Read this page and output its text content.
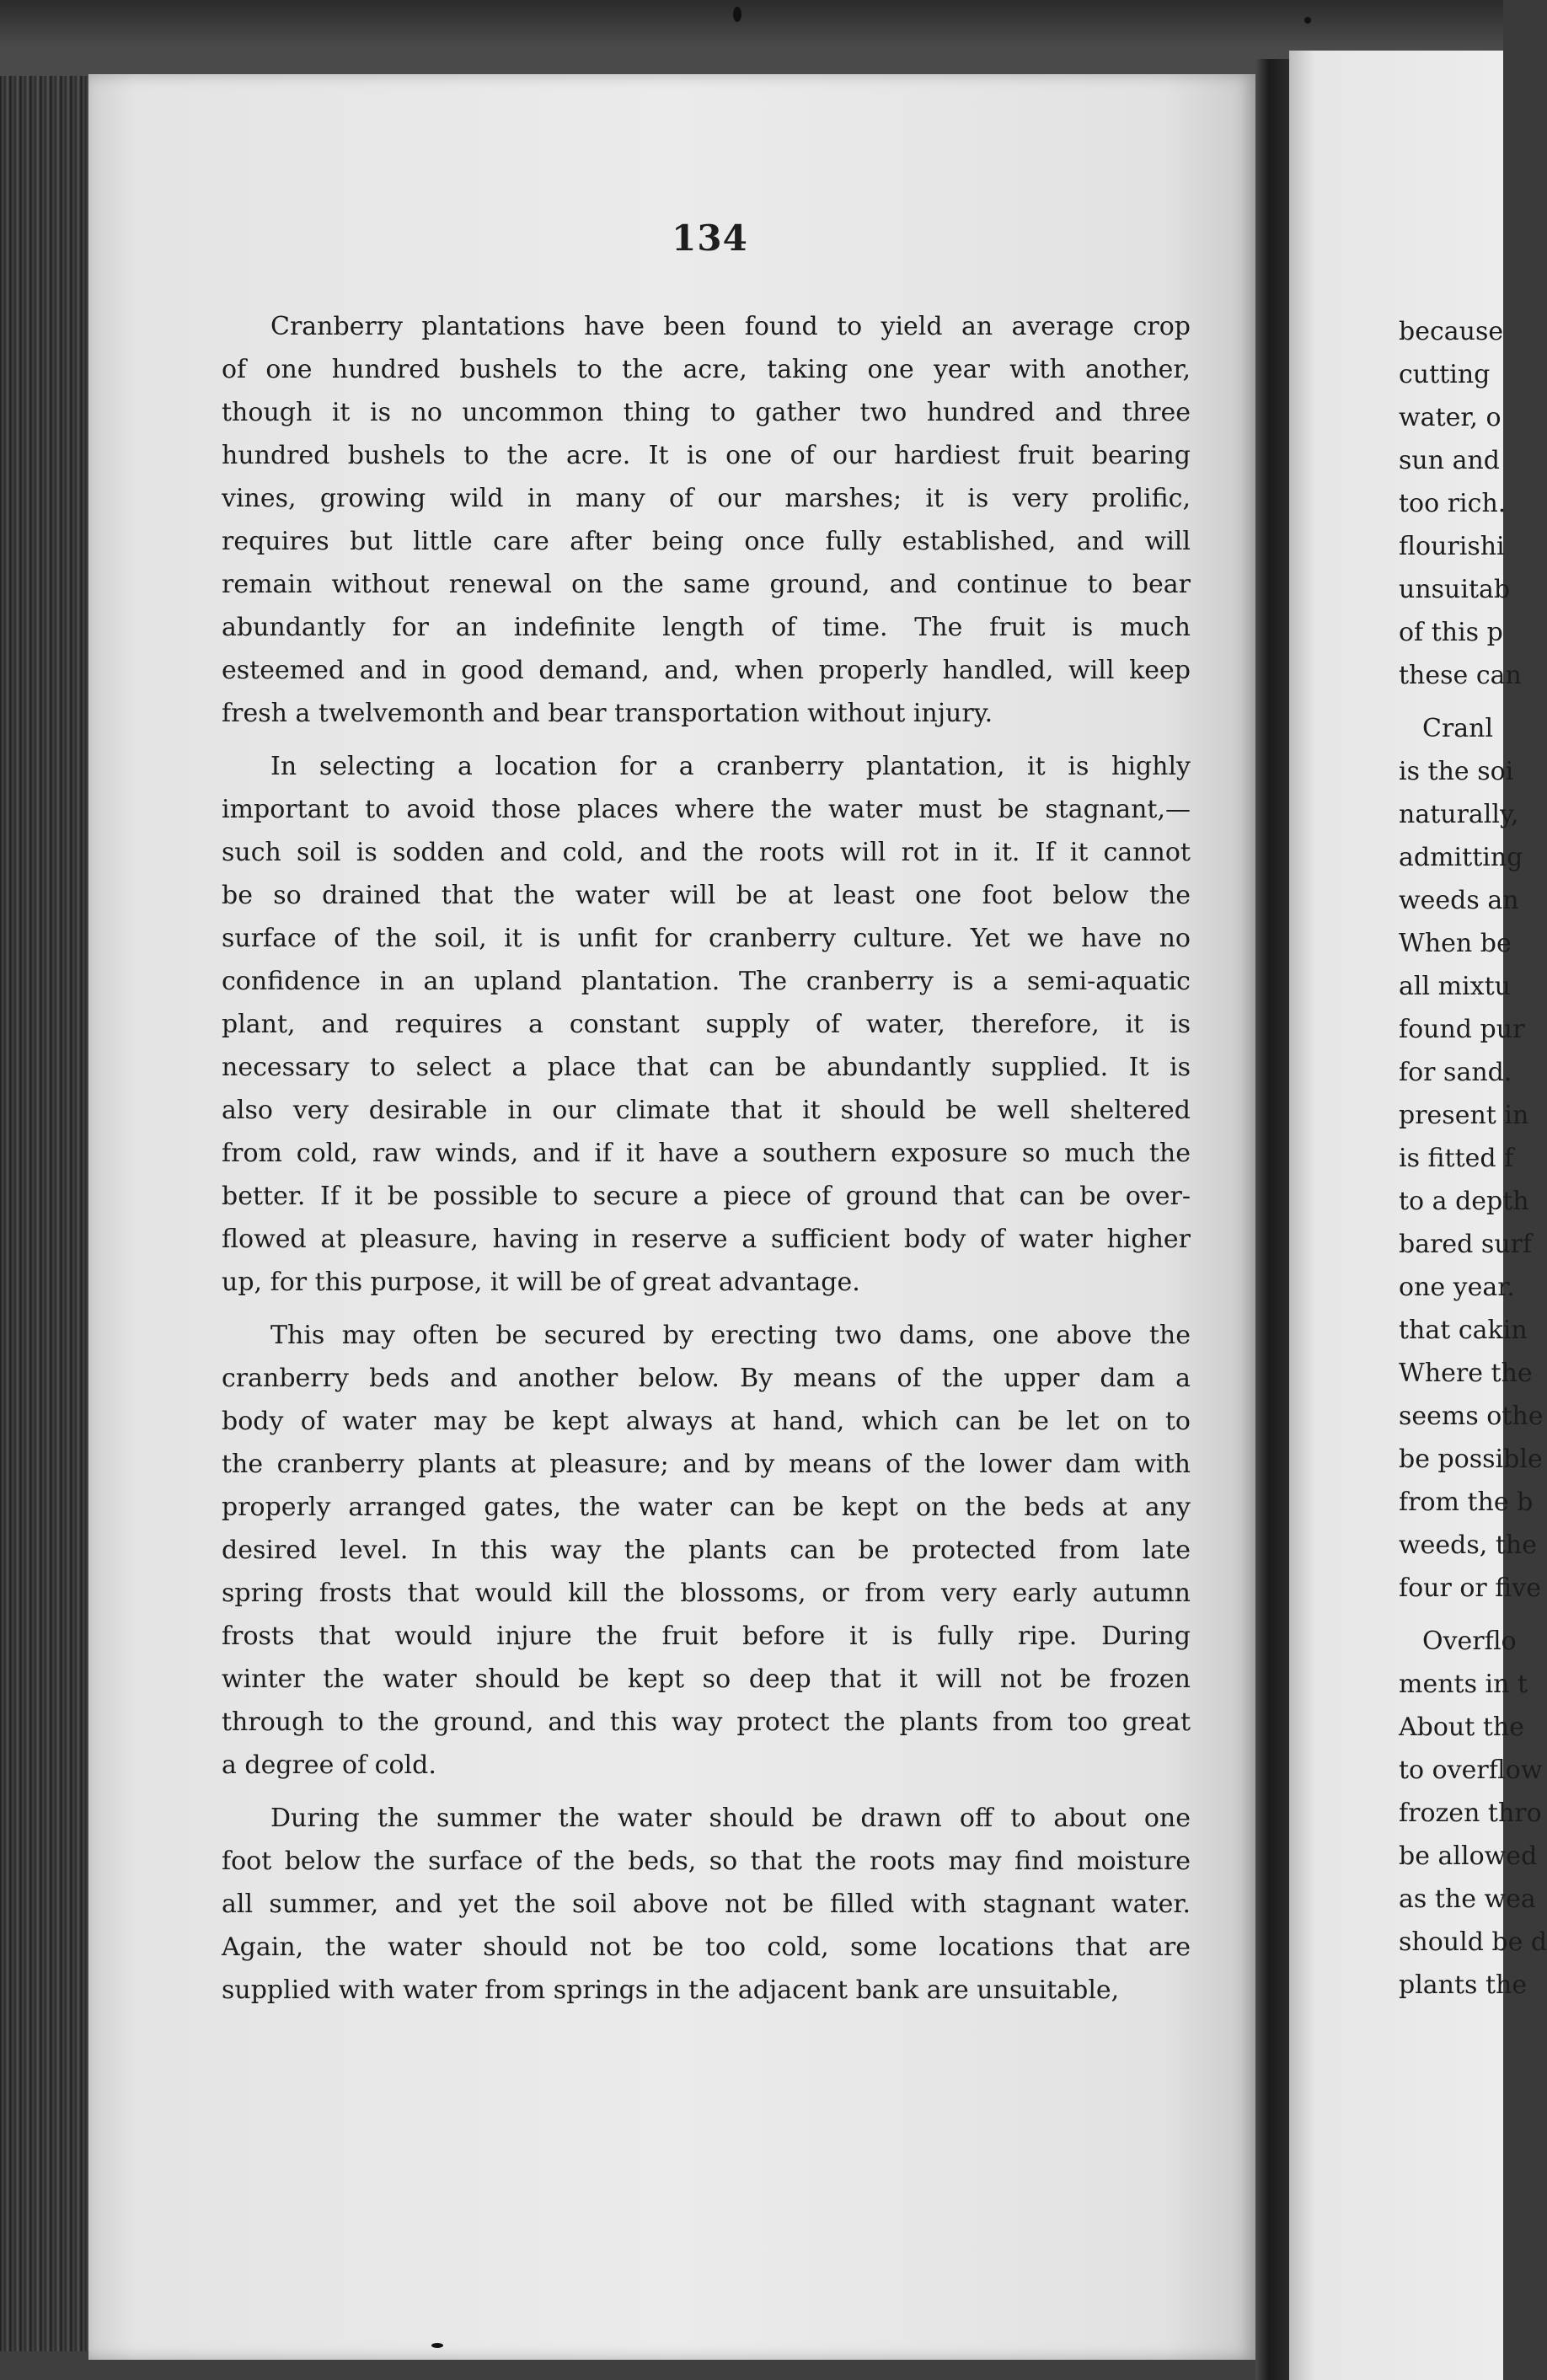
134
Cranberry plantations have been found to yield an average crop
of one hundred bushels to the acre, taking one year with another,
though it is no uncommon thing to gather two hundred and three
hundred bushels to the acre. It is one of our hardiest fruit bearing
vines, growing wild in many of our marshes; it is very prolific,
requires but little care after being once fully established, and will
remain without renewal on the same ground, and continue to bear
abundantly for an indefinite length of time. The fruit is much
esteemed and in good demand, and, when properly handled, will keep
fresh a twelvemonth and bear transportation without injury.
In selecting a location for a cranberry plantation, it is highly
important to avoid those places where the water must be stagnant,—
such soil is sodden and cold, and the roots will rot in it. If it cannot
be so drained that the water will be at least one foot below the
surface of the soil, it is unfit for cranberry culture. Yet we have no
confidence in an upland plantation. The cranberry is a semi-aquatic
plant, and requires a constant supply of water, therefore, it is
necessary to select a place that can be abundantly supplied. It is
also very desirable in our climate that it should be well sheltered
from cold, raw winds, and if it have a southern exposure so much the
better. If it be possible to secure a piece of ground that can be over-
flowed at pleasure, having in reserve a sufficient body of water higher
up, for this purpose, it will be of great advantage.
This may often be secured by erecting two dams, one above the
cranberry beds and another below. By means of the upper dam a
body of water may be kept always at hand, which can be let on to
the cranberry plants at pleasure; and by means of the lower dam with
properly arranged gates, the water can be kept on the beds at any
desired level. In this way the plants can be protected from late
spring frosts that would kill the blossoms, or from very early autumn
frosts that would injure the fruit before it is fully ripe. During
winter the water should be kept so deep that it will not be frozen
through to the ground, and this way protect the plants from too great
a degree of cold.
During the summer the water should be drawn off to about one
foot below the surface of the beds, so that the roots may find moisture
all summer, and yet the soil above not be filled with stagnant water.
Again, the water should not be too cold, some locations that are
supplied with water from springs in the adjacent bank are unsuitable,
because
cutting
water, o
sun and
too rich.
flourishi
unsuitab
of this p
these can
Cranl
is the soi
naturally,
admitting
weeds an
When be
all mixtu
found pur
for sand.
present in
is fitted f
to a depth
bared surf
one year.
that cakin
Where the
seems othe
be possible
from the b
weeds, the
four or five
Overflo
ments in t
About the
to overflow
frozen thro
be allowed
as the wea
should be d
plants the
